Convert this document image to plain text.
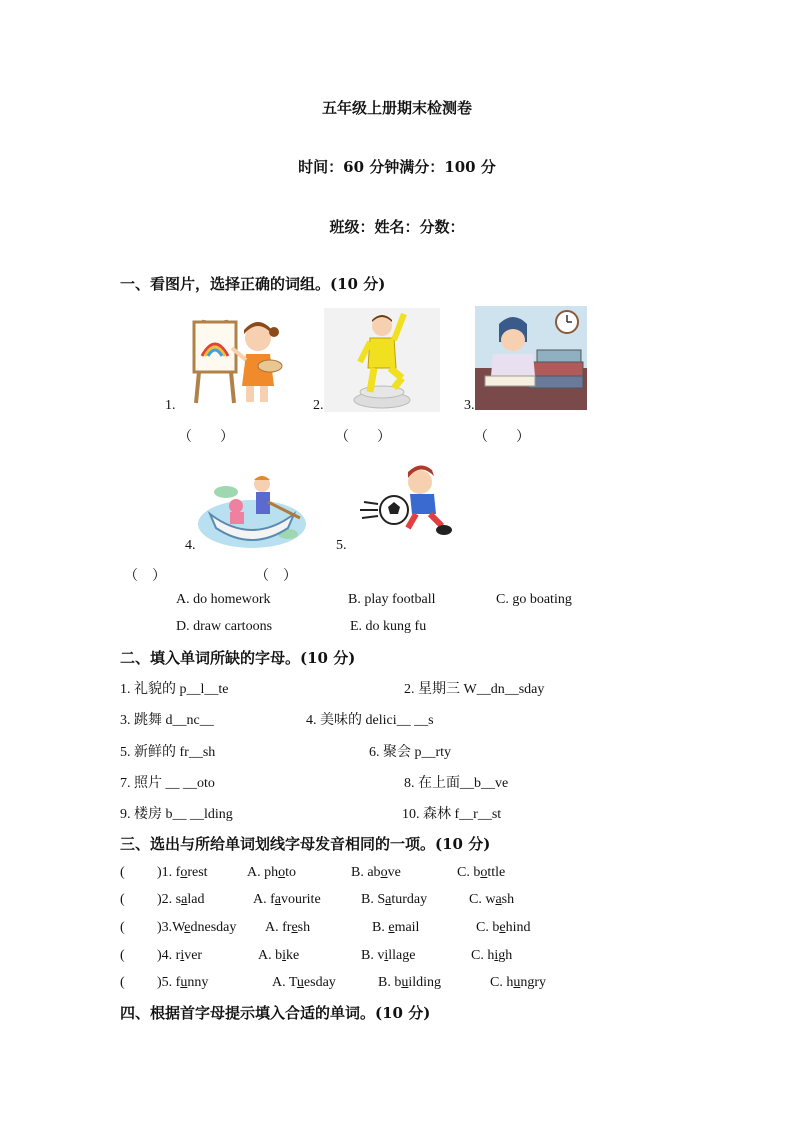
五年级上册期末检测卷
时间：60 分钟满分：100 分
班级：姓名：分数：
一、看图片，选择正确的词组。(10 分)
1.
（　　）
2.
（　　）
3.
（　　）
4.
（　）
5.
（　）
A. do homework	B. play football	C. go boating
D. draw cartoons	E. do kung fu
二、填入单词所缺的字母。(10 分)
1. 礼貌的 p__l__te	2. 星期三 W__dn__sday
3. 跳舞 d__nc__	4. 美味的 delici__ __s
5. 新鲜的 fr__sh	6. 聚会 p__rty
7. 照片 __ __oto	8. 在上面__b__ve
9. 楼房 b__ __lding	10. 森林 f__r__st
三、选出与所给单词划线字母发音相同的一项。(10 分)
( )1. forest	A. photo	B. above	C. bottle
( )2. salad	A. favourite	B. Saturday	C. wash
( )3.Wednesday A. fresh	B. email	C. behind
( )4. river	A. bike	B. village	C. high
( )5. funny	A. Tuesday	B. building	C. hungry
四、根据首字母提示填入合适的单词。(10 分)
